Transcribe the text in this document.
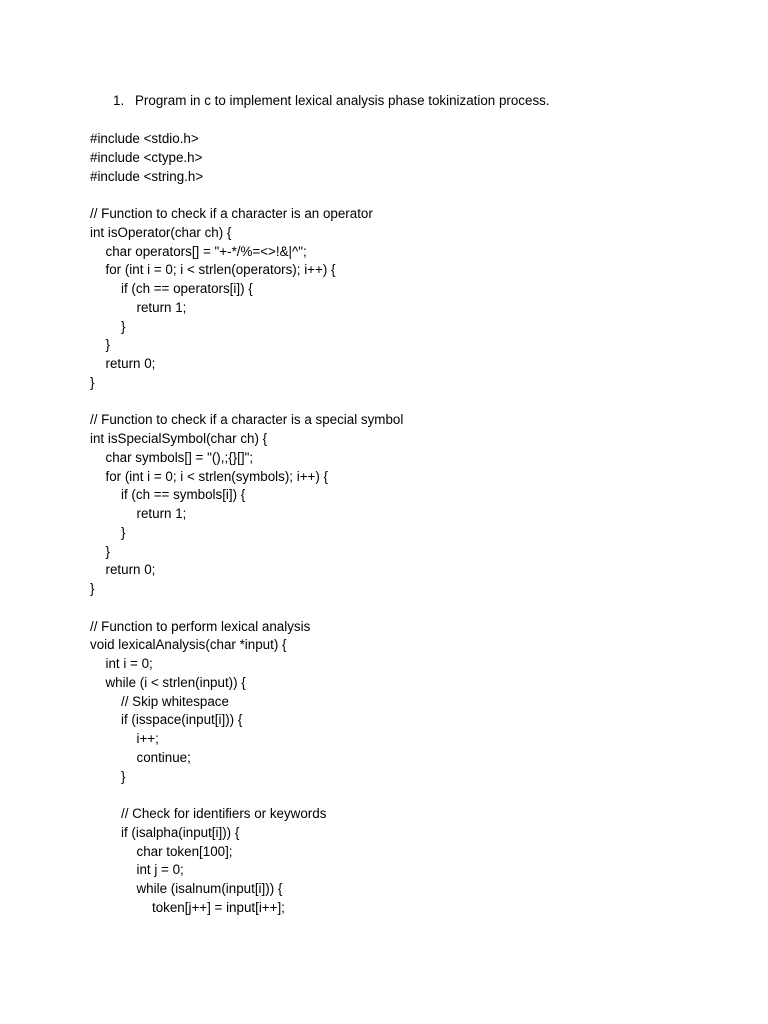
1. Program in c to implement lexical analysis phase tokinization process.
#include <stdio.h>
#include <ctype.h>
#include <string.h>
// Function to check if a character is an operator
int isOperator(char ch) {
char operators[] = "+-*/%=<>!&|^";
for (int i = 0; i < strlen(operators); i++) {
if (ch == operators[i]) {
return 1;
}
}
return 0;
}
// Function to check if a character is a special symbol
int isSpecialSymbol(char ch) {
char symbols[] = "(),;{}[]";
for (int i = 0; i < strlen(symbols); i++) {
if (ch == symbols[i]) {
return 1;
}
}
return 0;
}
// Function to perform lexical analysis
void lexicalAnalysis(char *input) {
int i = 0;
while (i < strlen(input)) {
// Skip whitespace
if (isspace(input[i])) {
i++;
continue;
}
// Check for identifiers or keywords
if (isalpha(input[i])) {
char token[100];
int j = 0;
while (isalnum(input[i])) {
token[j++] = input[i++];
